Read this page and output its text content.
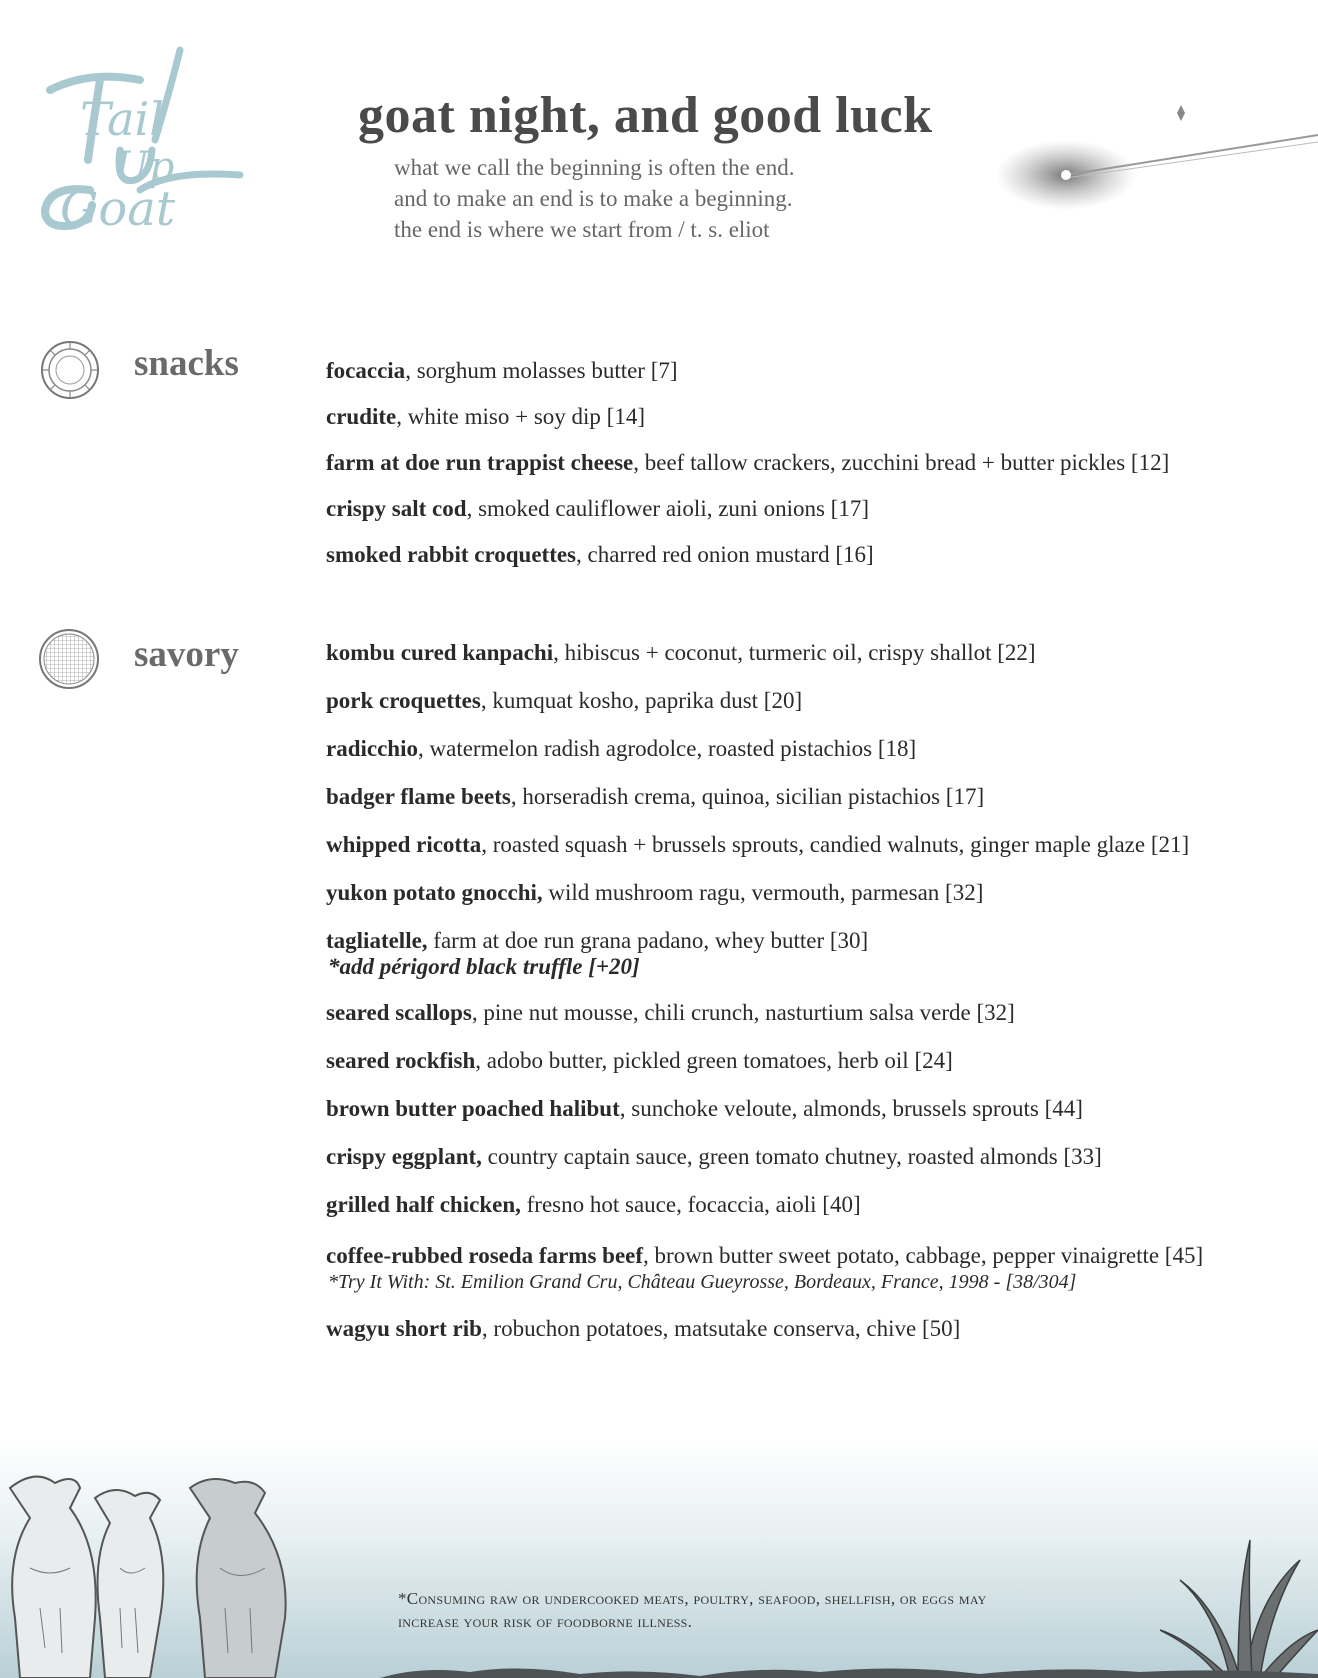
Tail
Up
Goat
goat night, and good luck

what we call the beginning is often the end.

and to make an end is to make a beginning.

the end is where we start from / t. s. eliot

snacks	focaccia, sorghum molasses butter [7]
crudite, white miso + soy dip [14]
farm at doe run trappist cheese, beef tallow crackers, zucchini bread + butter pickles [12]
crispy salt cod, smoked cauliflower aioli, zuni onions [17]
smoked rabbit croquettes, charred red onion mustard [16]
savory	kombu cured kanpachi, hibiscus + coconut, turmeric oil, crispy shallot [22]
pork croquettes, kumquat kosho, paprika dust [20]
radicchio, watermelon radish agrodolce, roasted pistachios [18]
badger flame beets, horseradish crema, quinoa, sicilian pistachios [17]
whipped ricotta, roasted squash + brussels sprouts, candied walnuts, ginger maple glaze [21]
yukon potato gnocchi, wild mushroom ragu, vermouth, parmesan [32]
tagliatelle, farm at doe run grana padano, whey butter [30]
*add périgord black truffle [+20]
seared scallops, pine nut mousse, chili crunch, nasturtium salsa verde [32]
seared rockfish, adobo butter, pickled green tomatoes, herb oil [24]
brown butter poached halibut, sunchoke veloute, almonds, brussels sprouts [44]
crispy eggplant, country captain sauce, green tomato chutney, roasted almonds [33]
grilled half chicken, fresno hot sauce, focaccia, aioli [40]
coffee-rubbed roseda farms beef, brown butter sweet potato, cabbage, pepper vinaigrette [45]
*Try It With: St. Emilion Grand Cru, Château Gueyrosse, Bordeaux, France, 1998 - [38/304]
wagyu short rib, robuchon potatoes, matsutake conserva, chive [50]
*Consuming raw or undercooked meats, poultry, seafood, shellfish, or eggs may
increase your risk of foodborne illness.
